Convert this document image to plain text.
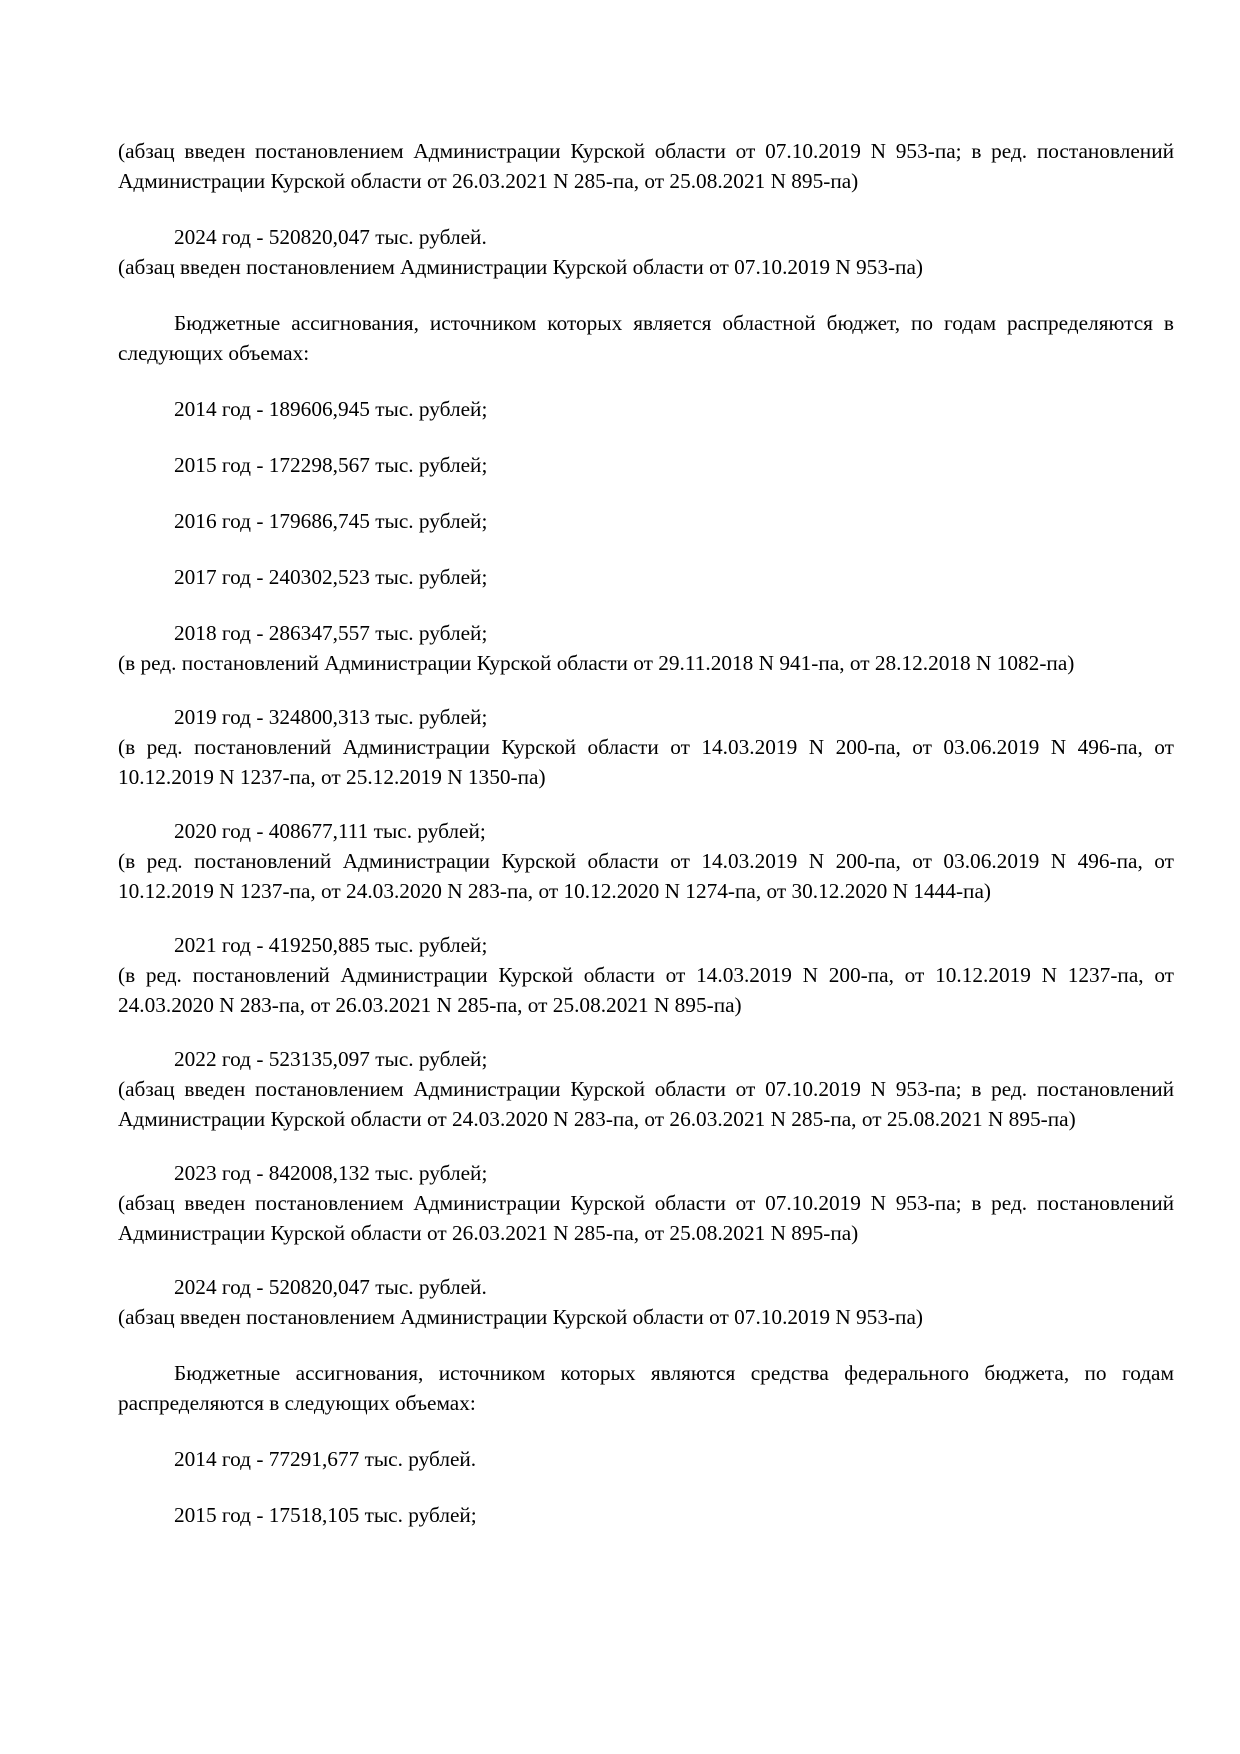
(абзац введен постановлением Администрации Курской области от 07.10.2019 N 953-па; в ред. постановлений Администрации Курской области от 26.03.2021 N 285-па, от 25.08.2021 N 895-па)

2024 год - 520820,047 тыс. рублей.

(абзац введен постановлением Администрации Курской области от 07.10.2019 N 953-па)

Бюджетные ассигнования, источником которых является областной бюджет, по годам распределяются в следующих объемах:

2014 год - 189606,945 тыс. рублей;

2015 год - 172298,567 тыс. рублей;

2016 год - 179686,745 тыс. рублей;

2017 год - 240302,523 тыс. рублей;

2018 год - 286347,557 тыс. рублей;

(в ред. постановлений Администрации Курской области от 29.11.2018 N 941-па, от 28.12.2018 N 1082-па)

2019 год - 324800,313 тыс. рублей;

(в ред. постановлений Администрации Курской области от 14.03.2019 N 200-па, от 03.06.2019 N 496-па, от 10.12.2019 N 1237-па, от 25.12.2019 N 1350-па)

2020 год - 408677,111 тыс. рублей;

(в ред. постановлений Администрации Курской области от 14.03.2019 N 200-па, от 03.06.2019 N 496-па, от 10.12.2019 N 1237-па, от 24.03.2020 N 283-па, от 10.12.2020 N 1274-па, от 30.12.2020 N 1444-па)

2021 год - 419250,885 тыс. рублей;

(в ред. постановлений Администрации Курской области от 14.03.2019 N 200-па, от 10.12.2019 N 1237-па, от 24.03.2020 N 283-па, от 26.03.2021 N 285-па, от 25.08.2021 N 895-па)

2022 год - 523135,097 тыс. рублей;

(абзац введен постановлением Администрации Курской области от 07.10.2019 N 953-па; в ред. постановлений Администрации Курской области от 24.03.2020 N 283-па, от 26.03.2021 N 285-па, от 25.08.2021 N 895-па)

2023 год - 842008,132 тыс. рублей;

(абзац введен постановлением Администрации Курской области от 07.10.2019 N 953-па; в ред. постановлений Администрации Курской области от 26.03.2021 N 285-па, от 25.08.2021 N 895-па)

2024 год - 520820,047 тыс. рублей.

(абзац введен постановлением Администрации Курской области от 07.10.2019 N 953-па)

Бюджетные ассигнования, источником которых являются средства федерального бюджета, по годам распределяются в следующих объемах:

2014 год - 77291,677 тыс. рублей.

2015 год - 17518,105 тыс. рублей;
